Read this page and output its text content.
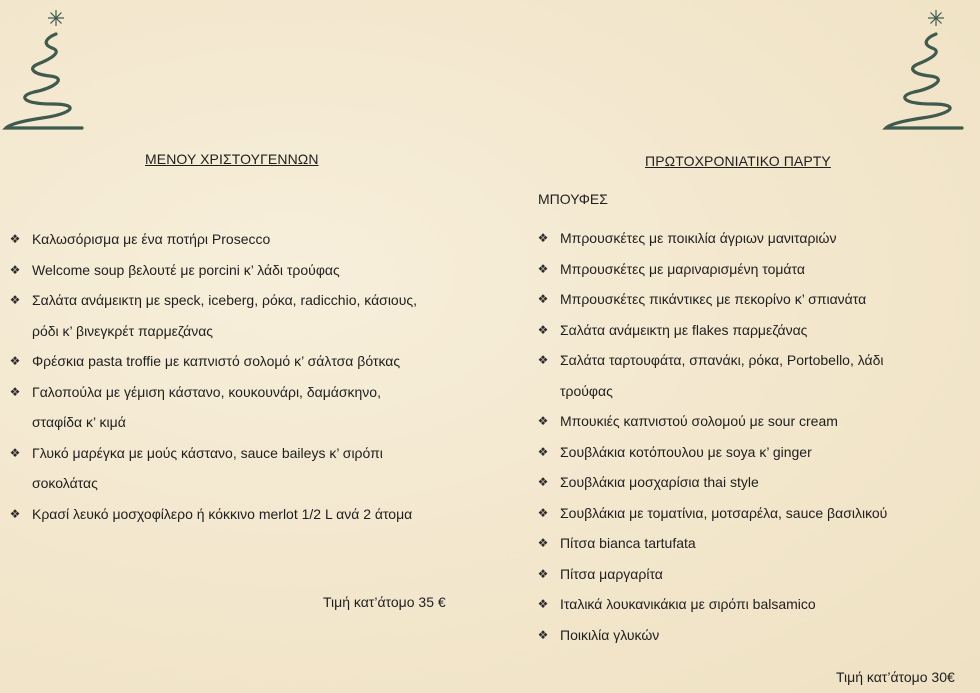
ΜΕΝΟΥ ΧΡΙΣΤΟΥΓΕΝΝΩΝ	ΠΡΩΤΟΧΡΟΝΙΑΤΙΚΟ ΠΑΡΤΥ
ΜΠΟΥΦΕΣ
❖ Καλωσόρισμα με ένα ποτήρι Prosecco
❖ Welcome soup βελουτέ με porcini κ’ λάδι τρούφας
❖ Σαλάτα ανάμεικτη με speck, iceberg, ρόκα, radicchio, κάσιους,
ρόδι κ’ βινεγκρέτ παρμεζάνας
❖ Φρέσκια pasta troffie με καπνιστό σολομό κ’ σάλτσα βότκας
❖ Γαλοπούλα με γέμιση κάστανο, κουκουνάρι, δαμάσκηνο,
σταφίδα κ’ κιμά
❖ Γλυκό μαρέγκα με μούς κάστανο, sauce baileys κ’ σιρόπι
σοκολάτας
❖ Κρασί λευκό μοσχοφίλερο ή κόκκινο merlot 1/2 L ανά 2 άτομα
❖ Μπρουσκέτες με ποικιλία άγριων μανιταριών
❖ Μπρουσκέτες με μαριναρισμένη τομάτα
❖ Μπρουσκέτες πικάντικες με πεκορίνο κ’ σπιανάτα
❖ Σαλάτα ανάμεικτη με flakes παρμεζάνας
❖ Σαλάτα ταρτουφάτα, σπανάκι, ρόκα, Portobello, λάδι
τρούφας
❖ Μπουκιές καπνιστού σολομού με sour cream
❖ Σουβλάκια κοτόπουλου με soya κ’ ginger
❖ Σουβλάκια μοσχαρίσια thai style
❖ Σουβλάκια με τοματίνια, μοτσαρέλα, sauce βασιλικού
❖ Πίτσα bianca tartufata
❖ Πίτσα μαργαρίτα
❖ Ιταλικά λουκανικάκια με σιρόπι balsamico
❖ Ποικιλία γλυκών
Τιμή κατ’άτομο 35 €
Τιμή κατ’άτομο 30€
